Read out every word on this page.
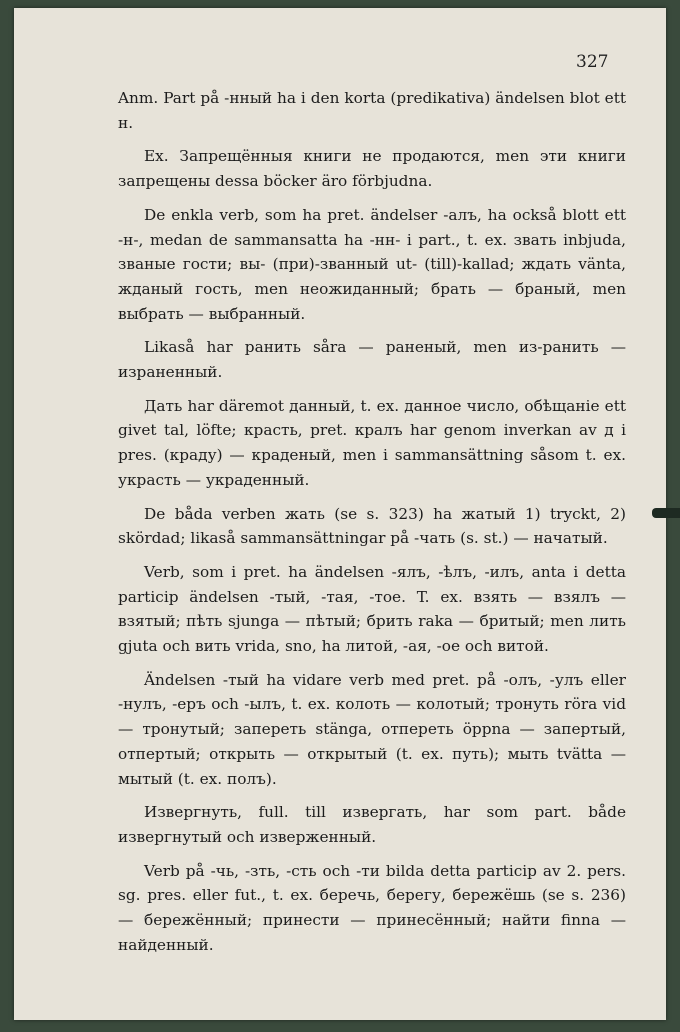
327

Anm. Part på -нный ha i den korta (predikativa) ändelsen blot ett н.

Ex. Запрещённыя книги не продаются, men эти книги запрещены dessa böcker äro förbjudna.

De enkla verb, som ha pret. ändelser -алъ, ha också blott ett -н-, medan de sammansatta ha -нн- i part., t. ex. звать inbjuda, званые гости; вы- (при)-званный ut- (till)-kallad; ждать vänta, жданый гость, men неожиданный; брать — браный, men выбрать — выбранный.

Likaså har ранить såra — раненый, men из-ранить — израненный.

Дать har däremot данный, t. ex. данное число, обѣщаніе ett givet tal, löfte; красть, pret. кралъ har genom inverkan av д i pres. (краду) — краденый, men i sammansättning såsom t. ex. украсть — украденный.

De båda verben жать (se s. 323) ha жатый 1) tryckt, 2) skördad; likaså sammansättningar på -чать (s. st.) — начатый.

Verb, som i pret. ha ändelsen -ялъ, -ѣлъ, -илъ, anta i detta particip ändelsen -тый, -тая, -тое. T. ex. взять — взялъ — взятый; пѣть sjunga — пѣтый; брить raka — бритый; men лить gjuta och вить vrida, sno, ha литой, -ая, -ое och витой.

Ändelsen -тый ha vidare verb med pret. på -олъ, -улъ eller -нулъ, -еръ och -ылъ, t. ex. колоть — колотый; тронуть röra vid — тронутый; запереть stänga, отпереть öppna — запертый, отпертый; открыть — открытый (t. ex. путь); мыть tvätta — мытый (t. ex. полъ).

Извергнуть, full. till извергать, har som part. både извергнутый och изверженный.

Verb på -чь, -зть, -сть och -ти bilda detta particip av 2. pers. sg. pres. eller fut., t. ex. беречь, берегу, бережёшь (se s. 236) — бережённый; принести — принесённый; найти finna — найденный.
